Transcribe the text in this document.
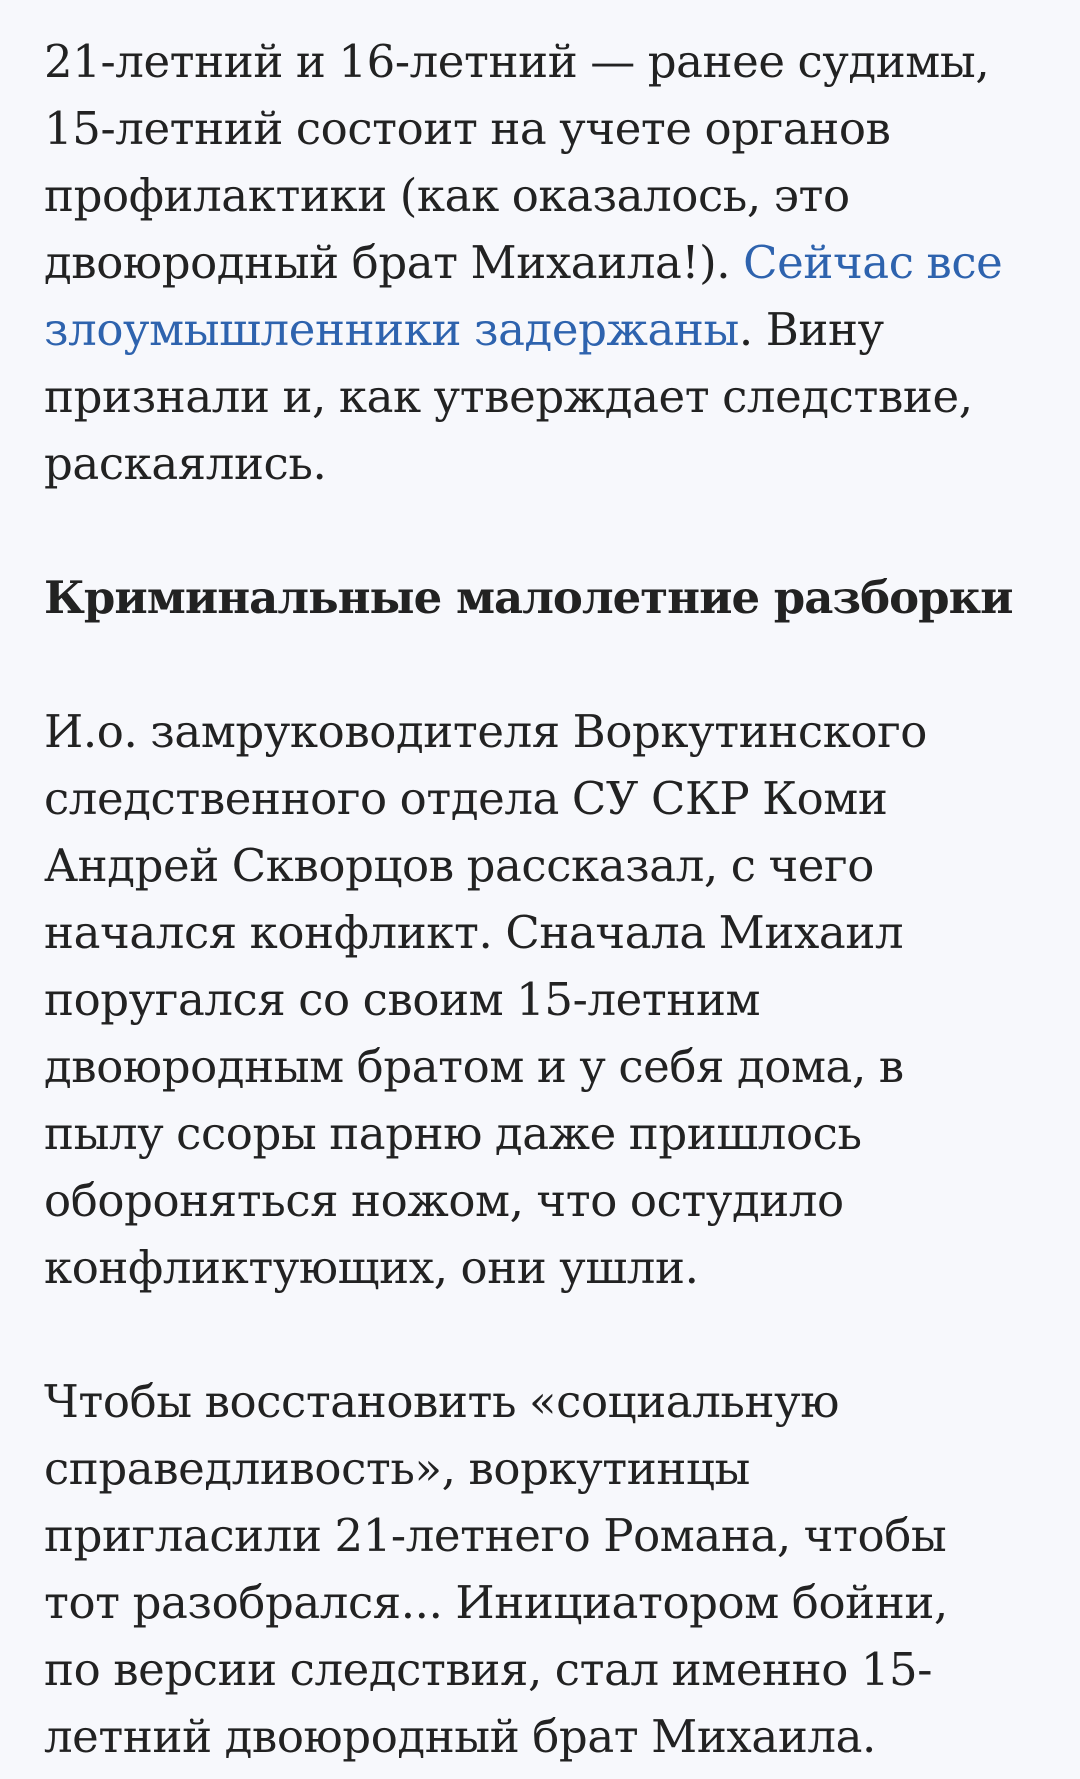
21-летний и 16-летний — ранее судимы,
15-летний состоит на учете органов
профилактики (как оказалось, это
двоюродный брат Михаила!). Сейчас все
злоумышленники задержаны. Вину
признали и, как утверждает следствие,
раскаялись.

Криминальные малолетние разборки

И.о. замруководителя Воркутинского
следственного отдела СУ СКР Коми
Андрей Скворцов рассказал, с чего
начался конфликт. Сначала Михаил
поругался со своим 15-летним
двоюродным братом и у себя дома, в
пылу ссоры парню даже пришлось
обороняться ножом, что остудило
конфликтующих, они ушли.

Чтобы восстановить «социальную
справедливость», воркутинцы
пригласили 21-летнего Романа, чтобы
тот разобрался... Инициатором бойни,
по версии следствия, стал именно 15-
летний двоюродный брат Михаила.
